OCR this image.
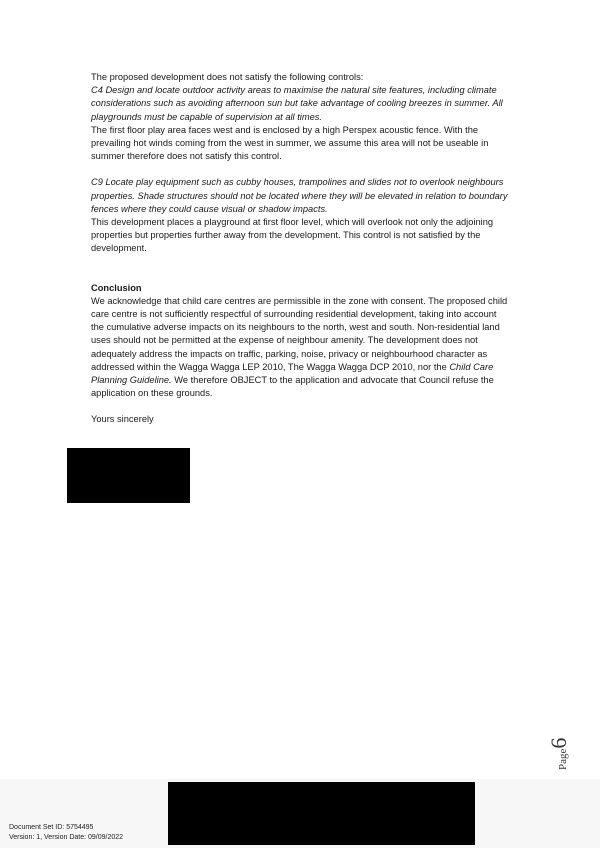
The proposed development does not satisfy the following controls:

C4 Design and locate outdoor activity areas to maximise the natural site features, including climate considerations such as avoiding afternoon sun but take advantage of cooling breezes in summer. All playgrounds must be capable of supervision at all times.

The first floor play area faces west and is enclosed by a high Perspex acoustic fence. With the prevailing hot winds coming from the west in summer, we assume this area will not be useable in summer therefore does not satisfy this control.

C9 Locate play equipment such as cubby houses, trampolines and slides not to overlook neighbours properties. Shade structures should not be located where they will be elevated in relation to boundary fences where they could cause visual or shadow impacts.

This development places a playground at first floor level, which will overlook not only the adjoining properties but properties further away from the development. This control is not satisfied by the development.

Conclusion

We acknowledge that child care centres are permissible in the zone with consent. The proposed child care centre is not sufficiently respectful of surrounding residential development, taking into account the cumulative adverse impacts on its neighbours to the north, west and south. Non-residential land uses should not be permitted at the expense of neighbour amenity. The development does not adequately address the impacts on traffic, parking, noise, privacy or neighbourhood character as addressed within the Wagga Wagga LEP 2010, The Wagga Wagga DCP 2010, nor the Child Care Planning Guideline. We therefore OBJECT to the application and advocate that Council refuse the application on these grounds.

Yours sincerely

Page6
Document Set ID: 5754495
Version: 1, Version Date: 09/09/2022
